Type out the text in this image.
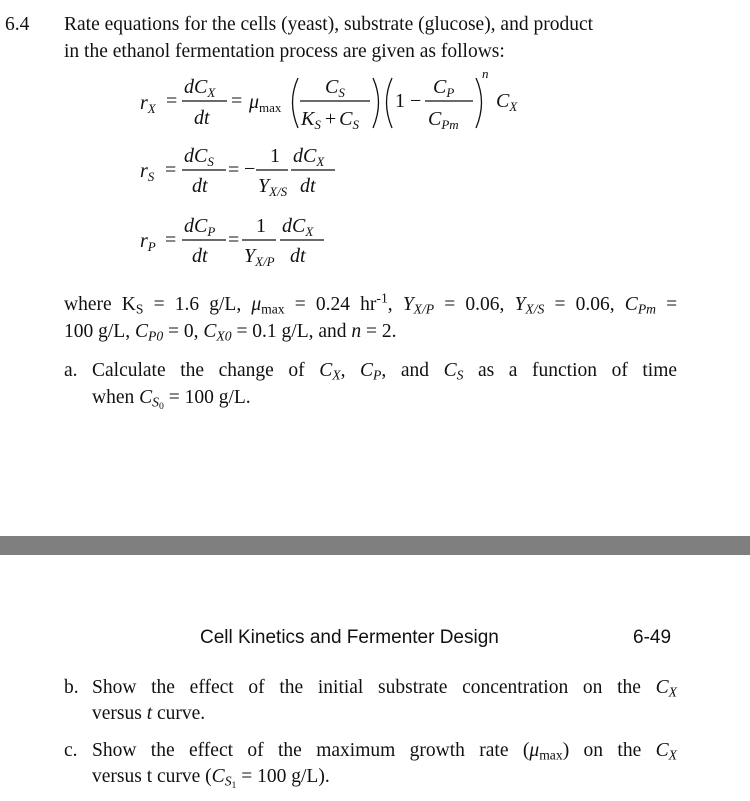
6.4 Rate equations for the cells (yeast), substrate (glucose), and product
in the ethanol fermentation process are given as follows:
$r_X$ =
$dC_X$
dt
= $\mu_{max}$
$C_S$
$K_S + C_S$
1 −
$C_P$
$C_{Pm}$
n
$C_X$
$r_S$ =
$dC_S$
dt
= −
1
$Y_{X/S}$
$dC_X$
dt
$r_P$ =
$dC_P$
dt
=
1
$Y_{X/P}$
$dC_X$
dt
where $K_S = 1.6$ g/L, $\mu_{max} = 0.24$ $hr^{-1}$, $Y_{X/P} = 0.06$, $Y_{X/S} = 0.06$, $C_{Pm}$ =
100 g/L, $C_{P0} = 0$, $C_{X0} = 0.1$ g/L, and n = 2.
a. Calculate the change of $C_X$, $C_P$, and $C_S$ as a function of time
when $C_{S0} = 100$ g/L.
Cell Kinetics and Fermenter Design	6-49
b. Show the effect of the initial substrate concentration on the $C_X$
versus t curve.
c. Show the effect of the maximum growth rate $(\mu_{max})$ on the $C_X$
versus t curve ($C_{S1} = 100$ g/L).
